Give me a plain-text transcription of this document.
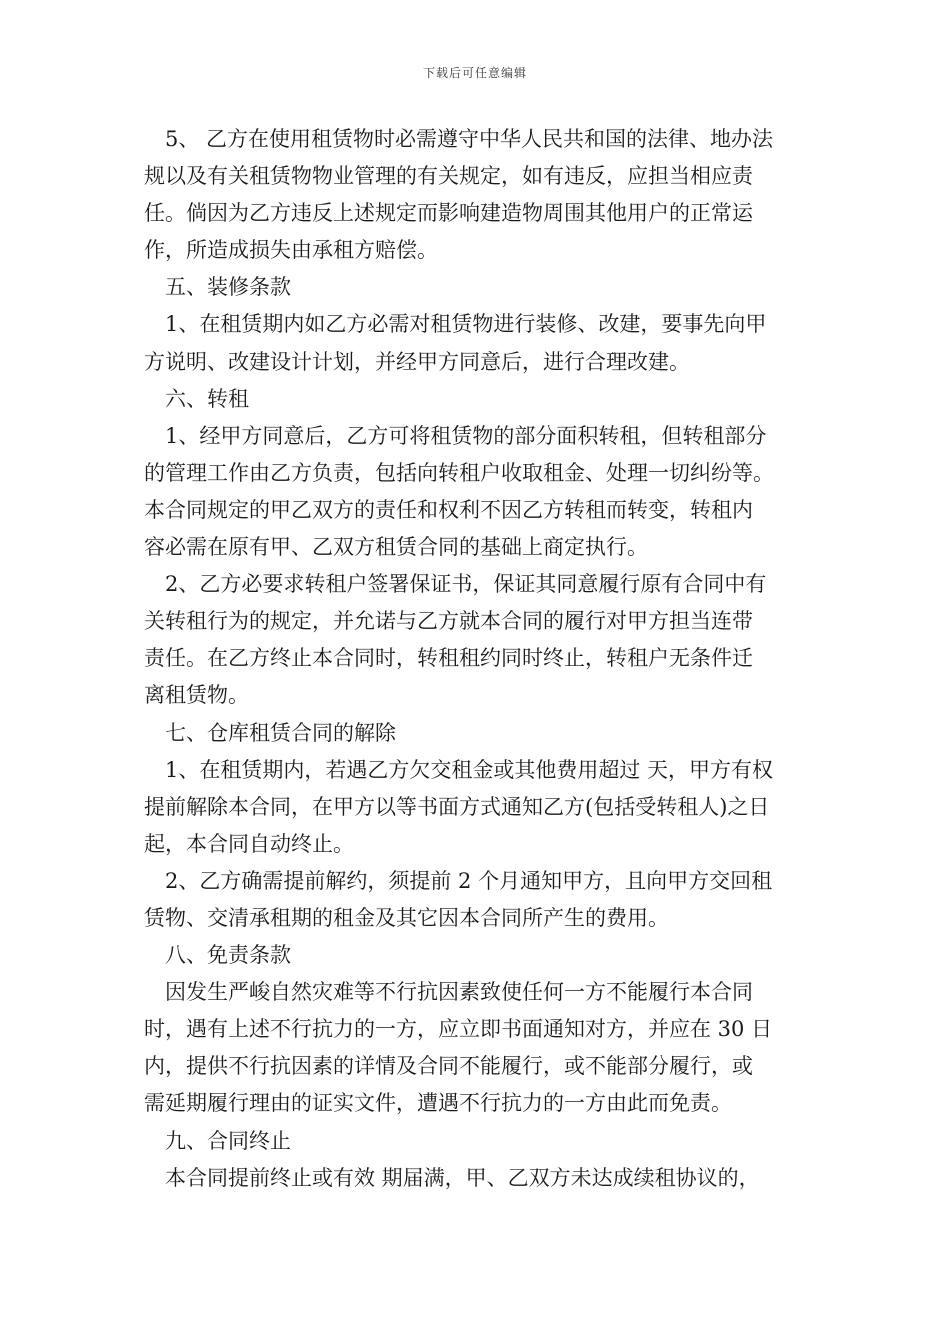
下载后可任意编辑
5、 乙方在使用租赁物时必需遵守中华人民共和国的法律、地办法
规以及有关租赁物物业管理的有关规定，如有违反，应担当相应责
任。倘因为乙方违反上述规定而影响建造物周围其他用户的正常运
作，所造成损失由承租方赔偿。
五、装修条款
1、在租赁期内如乙方必需对租赁物进行装修、改建，要事先向甲
方说明、改建设计计划，并经甲方同意后，进行合理改建。
六、转租
1、经甲方同意后，乙方可将租赁物的部分面积转租，但转租部分
的管理工作由乙方负责，包括向转租户收取租金、处理一切纠纷等。
本合同规定的甲乙双方的责任和权利不因乙方转租而转变，转租内
容必需在原有甲、乙双方租赁合同的基础上商定执行。
2、乙方必要求转租户签署保证书，保证其同意履行原有合同中有
关转租行为的规定，并允诺与乙方就本合同的履行对甲方担当连带
责任。在乙方终止本合同时，转租租约同时终止，转租户无条件迁
离租赁物。
七、仓库租赁合同的解除
1、在租赁期内，若遇乙方欠交租金或其他费用超过 天，甲方有权
提前解除本合同，在甲方以等书面方式通知乙方(包括受转租人)之日
起，本合同自动终止。
2、乙方确需提前解约，须提前 2 个月通知甲方，且向甲方交回租
赁物、交清承租期的租金及其它因本合同所产生的费用。
八、免责条款
因发生严峻自然灾难等不行抗因素致使任何一方不能履行本合同
时，遇有上述不行抗力的一方，应立即书面通知对方，并应在 30 日
内，提供不行抗因素的详情及合同不能履行，或不能部分履行，或
需延期履行理由的证实文件，遭遇不行抗力的一方由此而免责。
九、合同终止
本合同提前终止或有效 期届满，甲、乙双方未达成续租协议的，
